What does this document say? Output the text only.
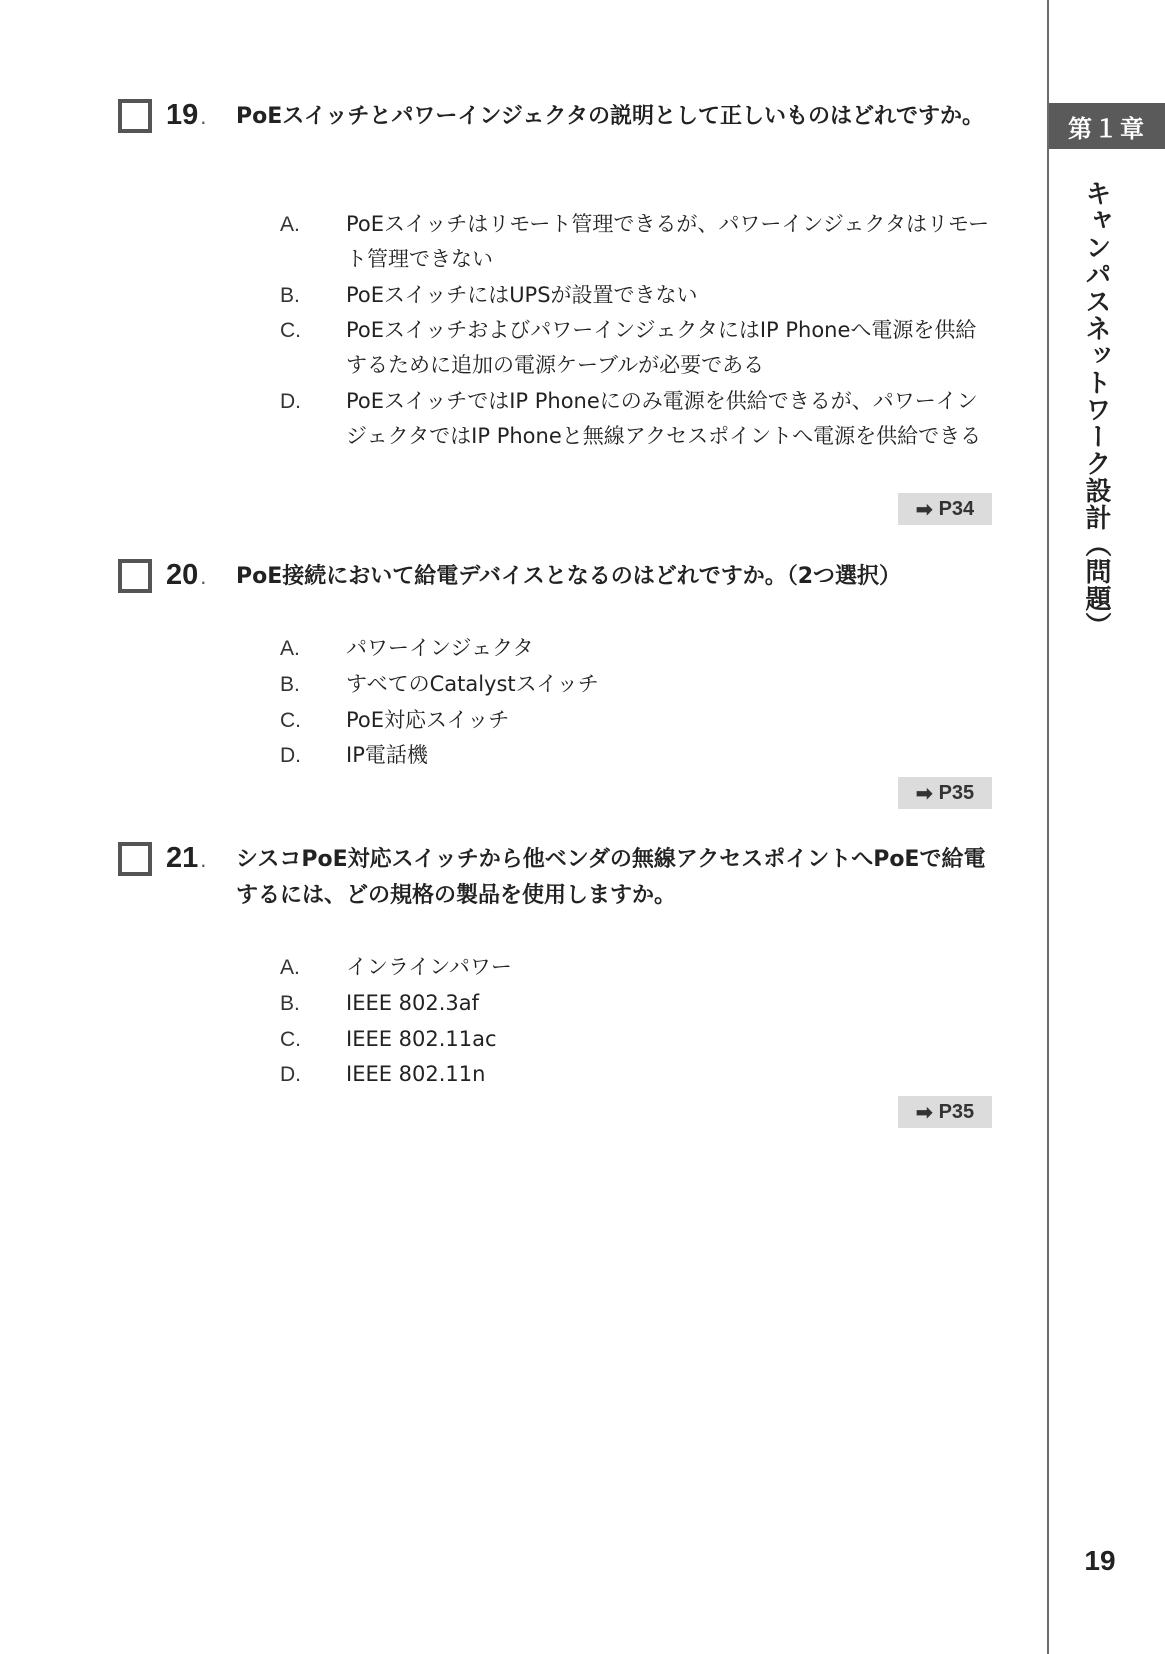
第１章
キャンパスネットワーク設計（問題）
19
19. PoEスイッチとパワーインジェクタの説明として正しいものはどれですか。
A. PoEスイッチはリモート管理できるが、パワーインジェクタはリモート管理できない
B. PoEスイッチにはUPSが設置できない
C. PoEスイッチおよびパワーインジェクタにはIP Phoneへ電源を供給するために追加の電源ケーブルが必要である
D. PoEスイッチではIP Phoneにのみ電源を供給できるが、パワーインジェクタではIP Phoneと無線アクセスポイントへ電源を供給できる
➡ P34
20. PoE接続において給電デバイスとなるのはどれですか。（2つ選択）
A. パワーインジェクタ
B. すべてのCatalystスイッチ
C. PoE対応スイッチ
D. IP電話機
➡ P35
21. シスコPoE対応スイッチから他ベンダの無線アクセスポイントへPoEで給電するには、どの規格の製品を使用しますか。
A. インラインパワー
B. IEEE 802.3af
C. IEEE 802.11ac
D. IEEE 802.11n
➡ P35
